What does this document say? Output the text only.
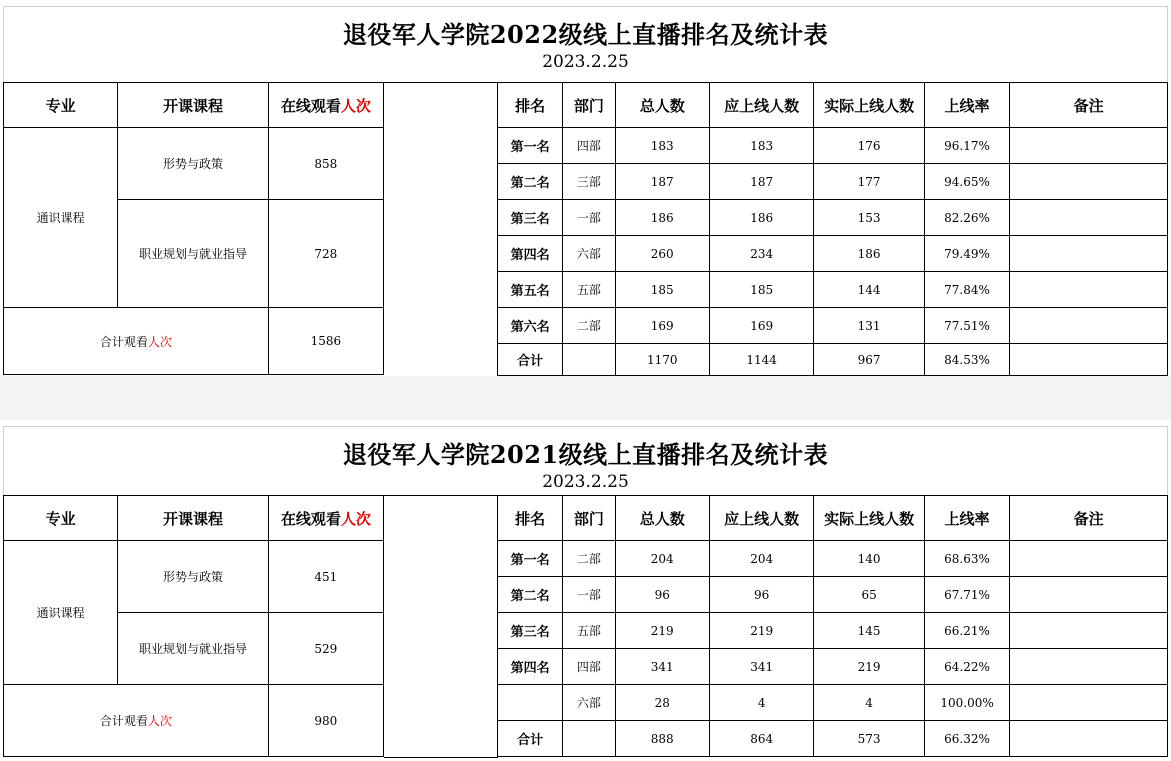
退役军人学院2022级线上直播排名及统计表
2023.2.25
专业	开课课程	在线观看人次
通识课程	形势与政策	858
	职业规划与就业指导	728
合计观看人次		1586
排名	部门	总人数	应上线人数	实际上线人数	上线率	备注
第一名	四部	183	183	176	96.17%	
第二名	三部	187	187	177	94.65%	
第三名	一部	186	186	153	82.26%	
第四名	六部	260	234	186	79.49%	
第五名	五部	185	185	144	77.84%	
第六名	二部	169	169	131	77.51%	
合计		1170	1144	967	84.53%	
退役军人学院2021级线上直播排名及统计表
2023.2.25
专业	开课课程	在线观看人次
通识课程	形势与政策	451
	职业规划与就业指导	529
合计观看人次		980
排名	部门	总人数	应上线人数	实际上线人数	上线率	备注
第一名	二部	204	204	140	68.63%	
第二名	一部	96	96	65	67.71%	
第三名	五部	219	219	145	66.21%	
第四名	四部	341	341	219	64.22%	
	六部	28	4	4	100.00%	
合计		888	864	573	66.32%	
